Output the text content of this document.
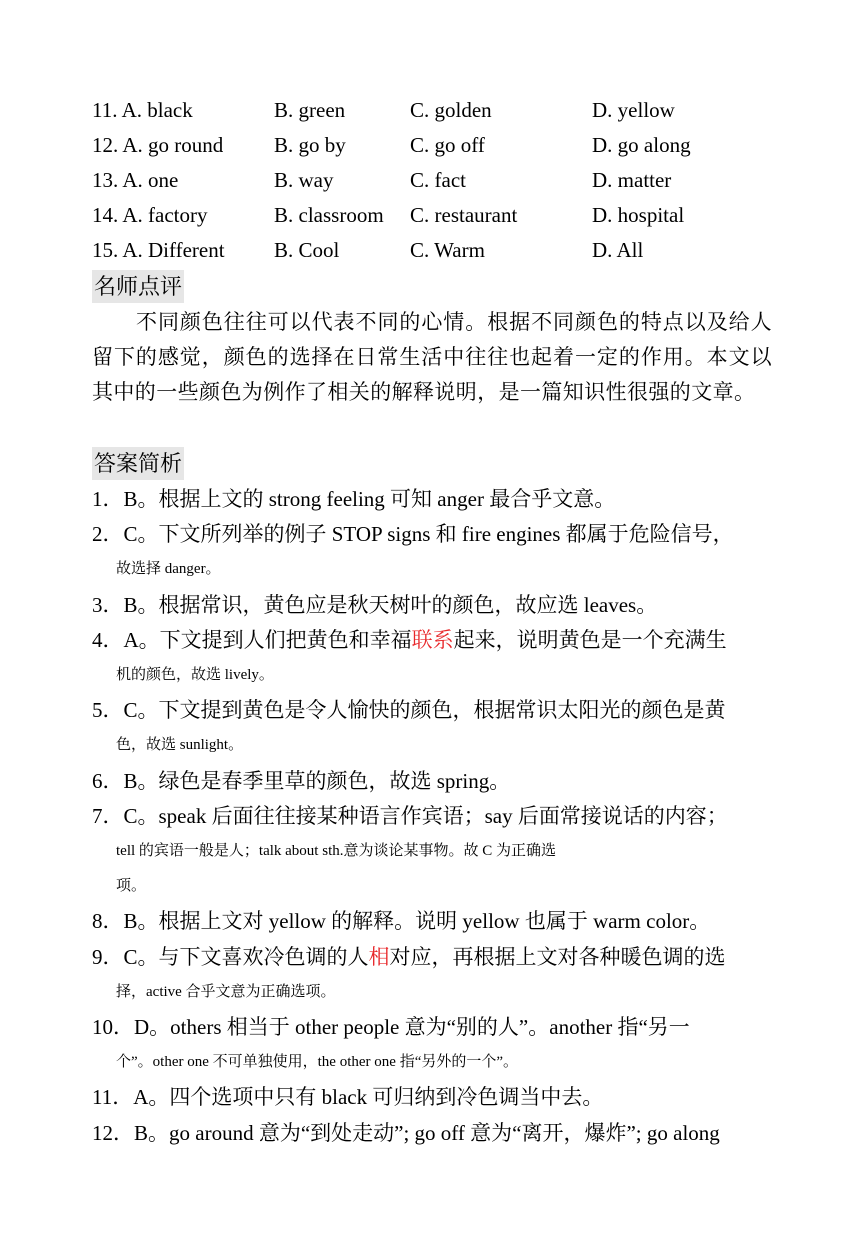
11. A. black	B. green	C. golden	D. yellow
12. A. go round B. go by	C. go off	D. go along
13. A. one	B. way	C. fact	D. matter
14. A. factory	B. classroom C. restaurant	D. hospital
15. A. Different B. Cool	C. Warm	D. All
名师点评
不同颜色往往可以代表不同的心情。根据不同颜色的特点以及给人留下的感觉，颜色的选择在日常生活中往往也起着一定的作用。本文以其中的一些颜色为例作了相关的解释说明，是一篇知识性很强的文章。
答案简析
1．B。根据上文的 strong feeling 可知 anger 最合乎文意。
2．C。下文所列举的例子 STOP signs 和 fire engines 都属于危险信号，
故选择 danger。
3．B。根据常识，黄色应是秋天树叶的颜色，故应选 leaves。
4．A。下文提到人们把黄色和幸福联系起来，说明黄色是一个充满生
机的颜色，故选 lively。
5．C。下文提到黄色是令人愉快的颜色，根据常识太阳光的颜色是黄
色，故选 sunlight。
6．B。绿色是春季里草的颜色，故选 spring。
7．C。speak 后面往往接某种语言作宾语；say 后面常接说话的内容；
tell 的宾语一般是人；talk about sth.意为谈论某事物。故 C 为正确选
项。
8．B。根据上文对 yellow 的解释。说明 yellow 也属于 warm color。
9．C。与下文喜欢冷色调的人相对应，再根据上文对各种暖色调的选
择，active 合乎文意为正确选项。
10．D。others 相当于 other people 意为“别的人”。another 指“另一
个”。other one 不可单独使用，the other one 指“另外的一个”。
11．A。四个选项中只有 black 可归纳到冷色调当中去。
12．B。go around 意为“到处走动”; go off 意为“离开，爆炸”; go along
